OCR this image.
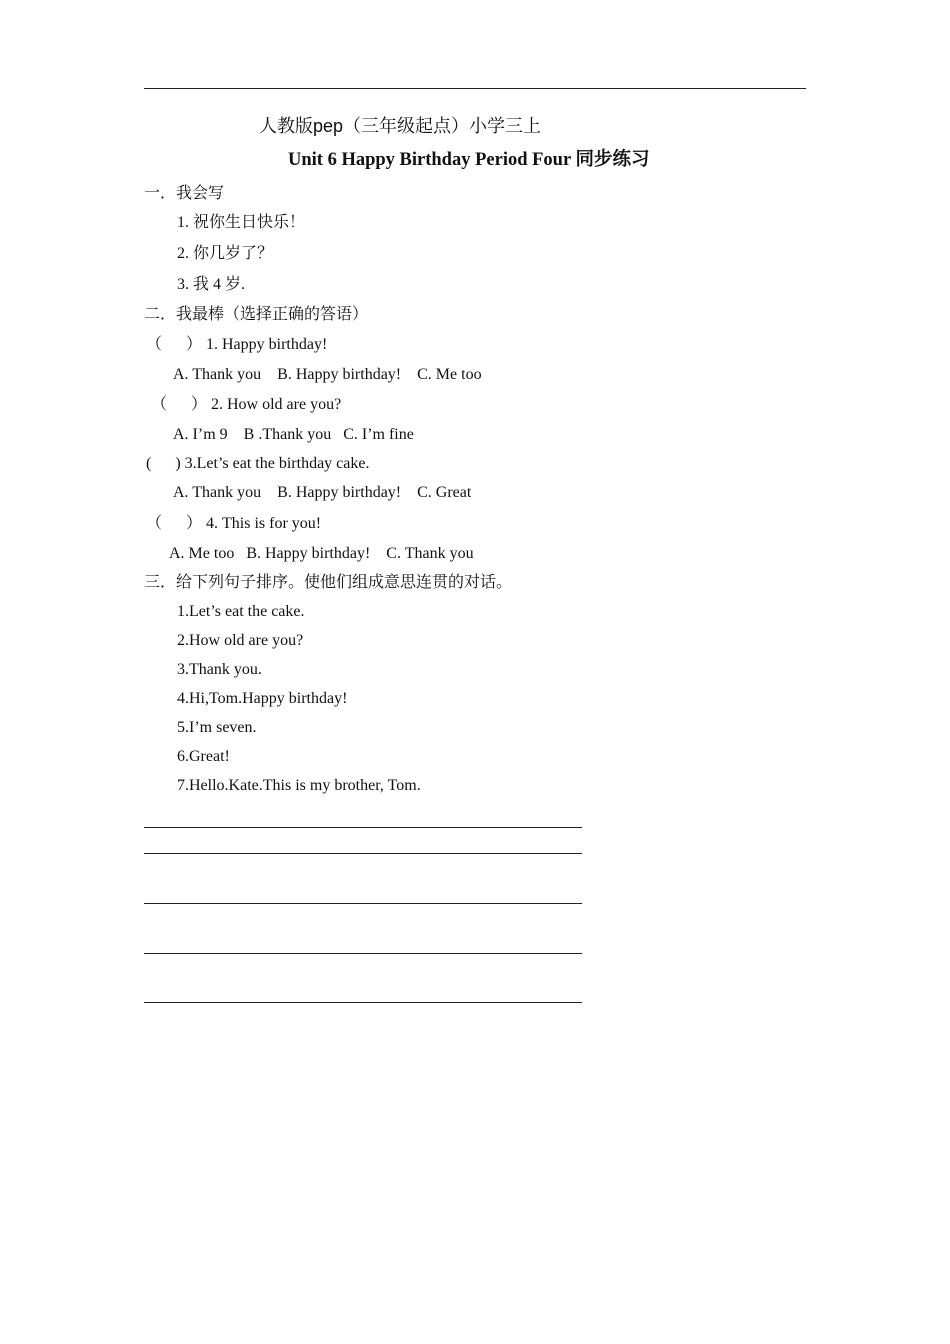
人教版pep（三年级起点）小学三上
Unit 6 Happy Birthday Period Four 同步练习
一．我会写
1. 祝你生日快乐！
2. 你几岁了？
3. 我 4 岁.
二．我最棒（选择正确的答语）
（　  ） 1. Happy birthday!
A. Thank you    B. Happy birthday!    C. Me too
（　  ） 2. How old are you?
A. I’m 9    B .Thank you   C. I’m fine
(      ) 3.Let’s eat the birthday cake.
A. Thank you    B. Happy birthday!    C. Great
（　  ） 4. This is for you!
A. Me too   B. Happy birthday!    C. Thank you
三．给下列句子排序。使他们组成意思连贯的对话。
1.Let’s eat the cake.
2.How old are you?
3.Thank you.
4.Hi,Tom.Happy birthday!
5.I’m seven.
6.Great!
7.Hello.Kate.This is my brother, Tom.
